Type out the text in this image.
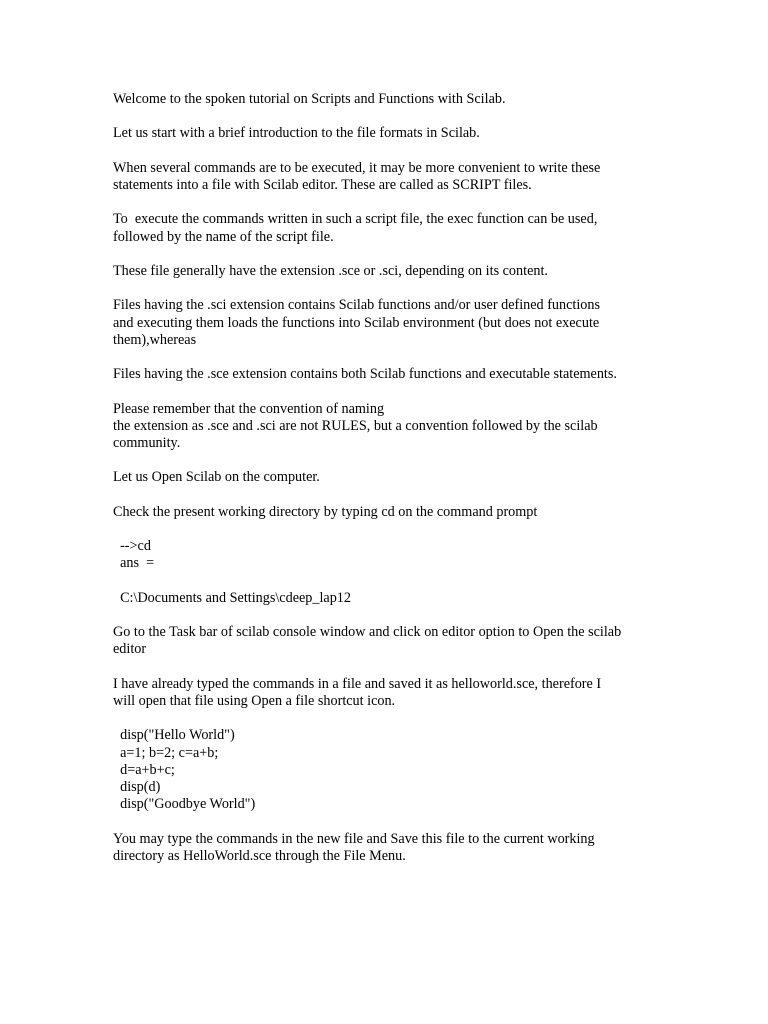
Welcome to the spoken tutorial on Scripts and Functions with Scilab.
Let us start with a brief introduction to the file formats in Scilab.
When several commands are to be executed, it may be more convenient to write these
statements into a file with Scilab editor. These are called as SCRIPT files.
To  execute the commands written in such a script file, the exec function can be used,
followed by the name of the script file.
These file generally have the extension .sce or .sci, depending on its content.
Files having the .sci extension contains Scilab functions and/or user defined functions
and executing them loads the functions into Scilab environment (but does not execute
them),whereas
Files having the .sce extension contains both Scilab functions and executable statements.
Please remember that the convention of naming
the extension as .sce and .sci are not RULES, but a convention followed by the scilab
community.
Let us Open Scilab on the computer.
Check the present working directory by typing cd on the command prompt
-->cd
ans  =
C:\Documents and Settings\cdeep_lap12
Go to the Task bar of scilab console window and click on editor option to Open the scilab
editor
I have already typed the commands in a file and saved it as helloworld.sce, therefore I
will open that file using Open a file shortcut icon.
disp("Hello World")
a=1; b=2; c=a+b;
d=a+b+c;
disp(d)
disp("Goodbye World")
You may type the commands in the new file and Save this file to the current working
directory as HelloWorld.sce through the File Menu.
